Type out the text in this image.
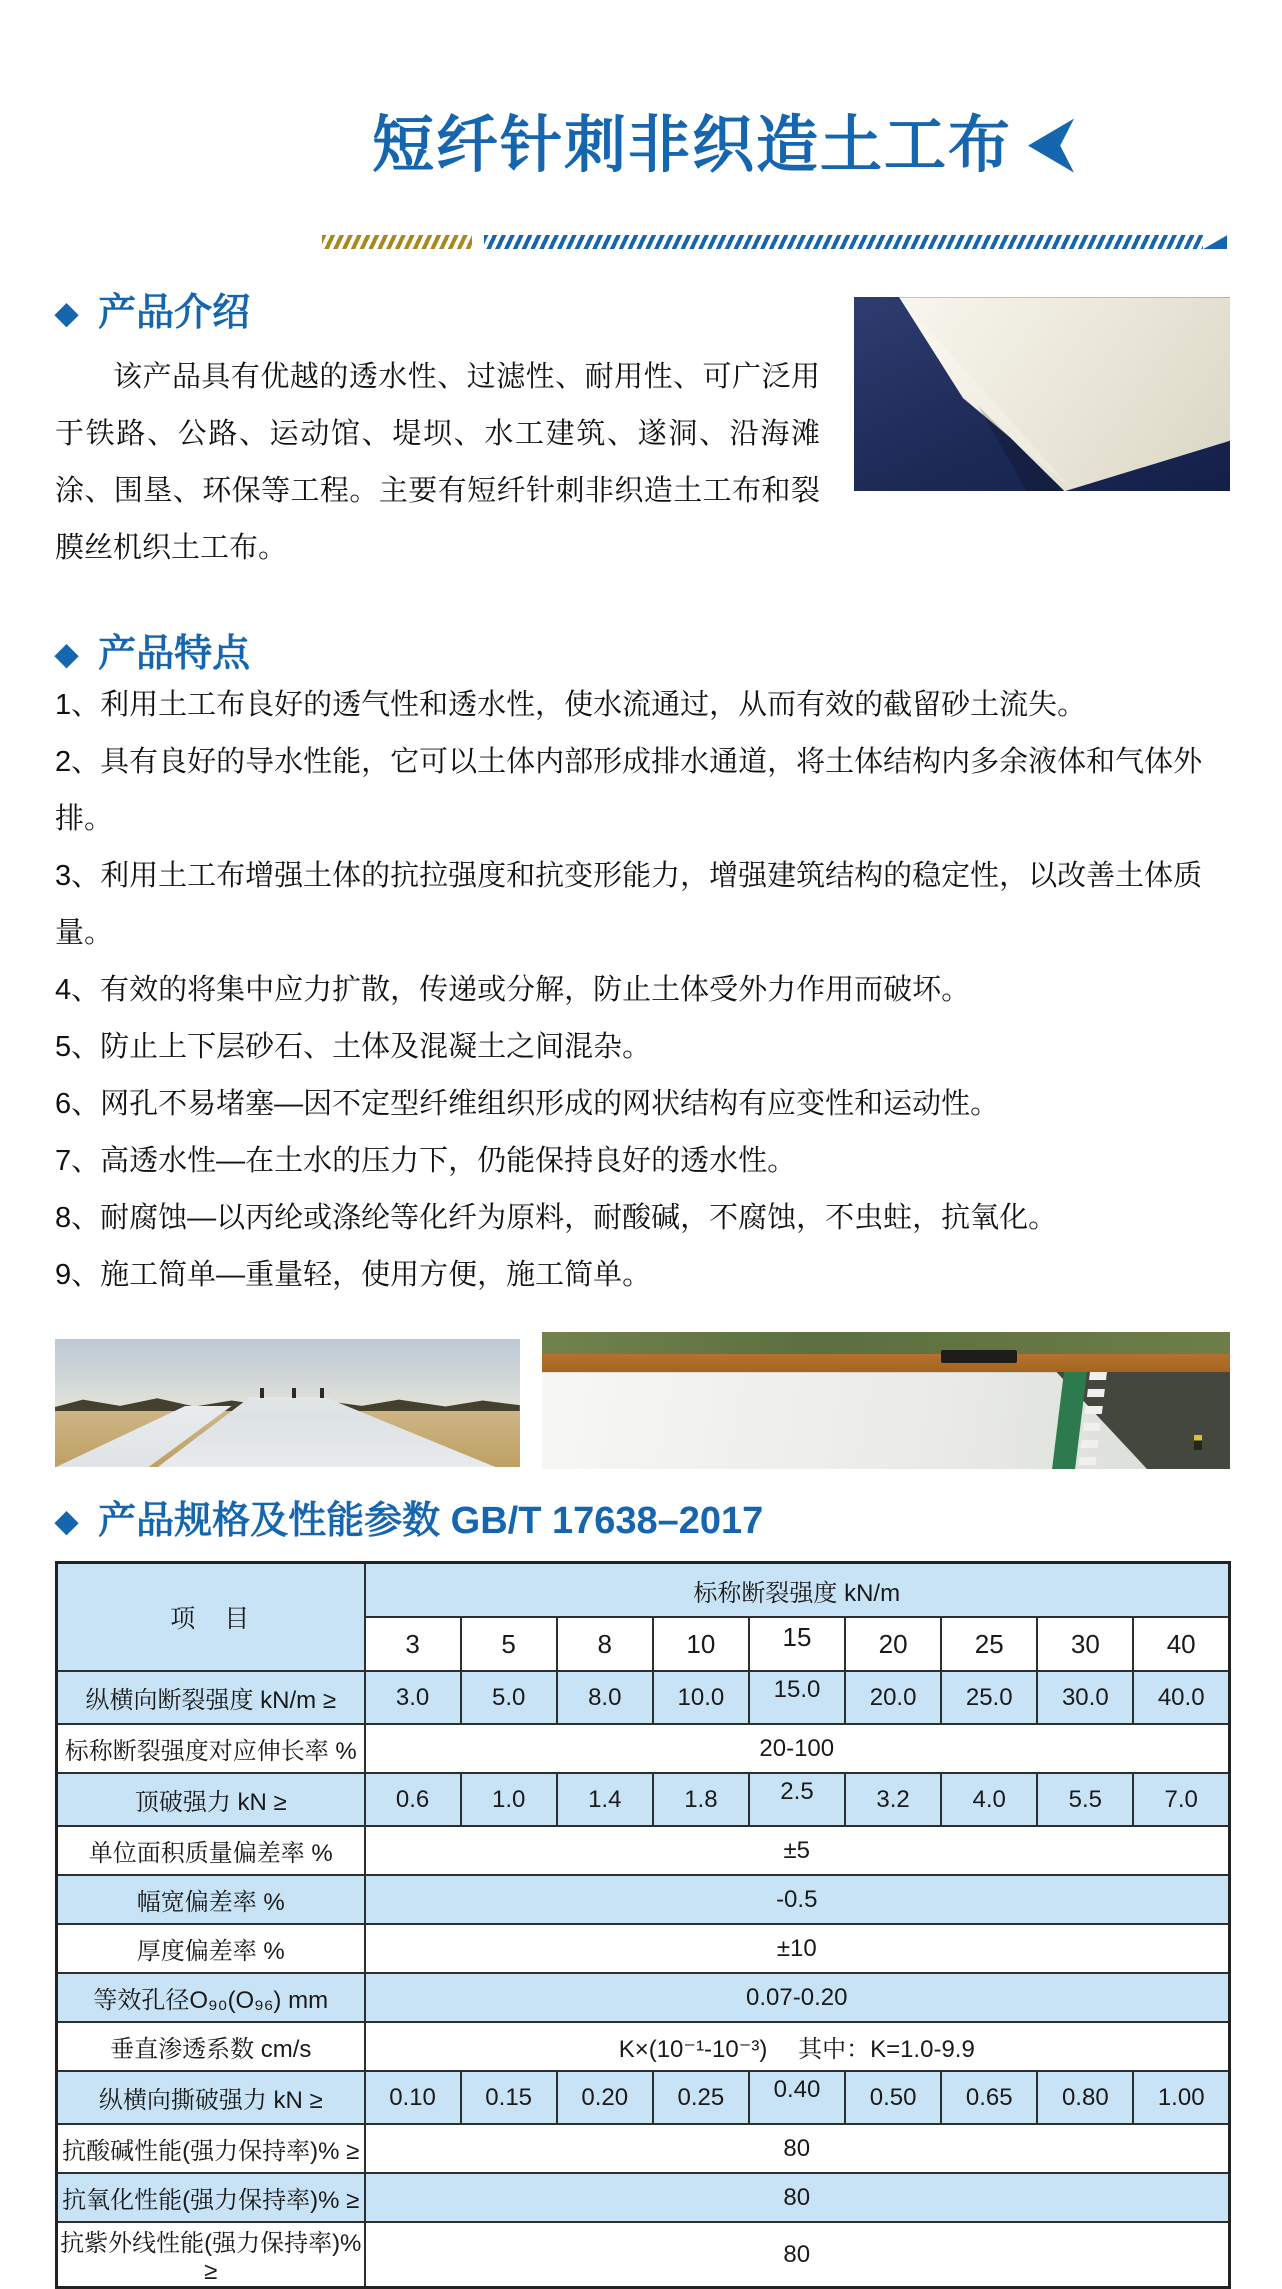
短纤针刺非织造土工布
◆ 产品介绍

该产品具有优越的透水性、过滤性、耐用性、可广泛用于铁路、公路、运动馆、堤坝、水工建筑、遂洞、沿海滩涂、围垦、环保等工程。主要有短纤针刺非织造土工布和裂膜丝机织土工布。

◆ 产品特点
1、利用土工布良好的透气性和透水性，使水流通过，从而有效的截留砂土流失。
2、具有良好的导水性能，它可以土体内部形成排水通道，将土体结构内多余液体和气体外排。
3、利用土工布增强土体的抗拉强度和抗变形能力，增强建筑结构的稳定性，以改善土体质量。
4、有效的将集中应力扩散，传递或分解，防止土体受外力作用而破坏。
5、防止上下层砂石、土体及混凝土之间混杂。
6、网孔不易堵塞—因不定型纤维组织形成的网状结构有应变性和运动性。
7、高透水性—在土水的压力下，仍能保持良好的透水性。
8、耐腐蚀—以丙纶或涤纶等化纤为原料，耐酸碱，不腐蚀，不虫蛀，抗氧化。
9、施工简单—重量轻，使用方便，施工简单。
◆ 产品规格及性能参数 GB/T 17638–2017
项　目	标称断裂强度 kN/m								
	3	5	8	10	15	20	25	30	40
纵横向断裂强度 kN/m ≥	3.0	5.0	8.0	10.0	15.0	20.0	25.0	30.0	40.0
标称断裂强度对应伸长率 %	20-100								
顶破强力 kN ≥	0.6	1.0	1.4	1.8	2.5	3.2	4.0	5.5	7.0
单位面积质量偏差率 %	±5								
幅宽偏差率 %	-0.5								
厚度偏差率 %	±10								
等效孔径O₉₀(O₉₆) mm	0.07-0.20								
垂直渗透系数 cm/s	K×(10⁻¹-10⁻³)　 其中：K=1.0-9.9								
纵横向撕破强力 kN ≥	0.10	0.15	0.20	0.25	0.40	0.50	0.65	0.80	1.00
抗酸碱性能(强力保持率)% ≥	80								
抗氧化性能(强力保持率)% ≥	80								
抗紫外线性能(强力保持率)% ≥	80								
